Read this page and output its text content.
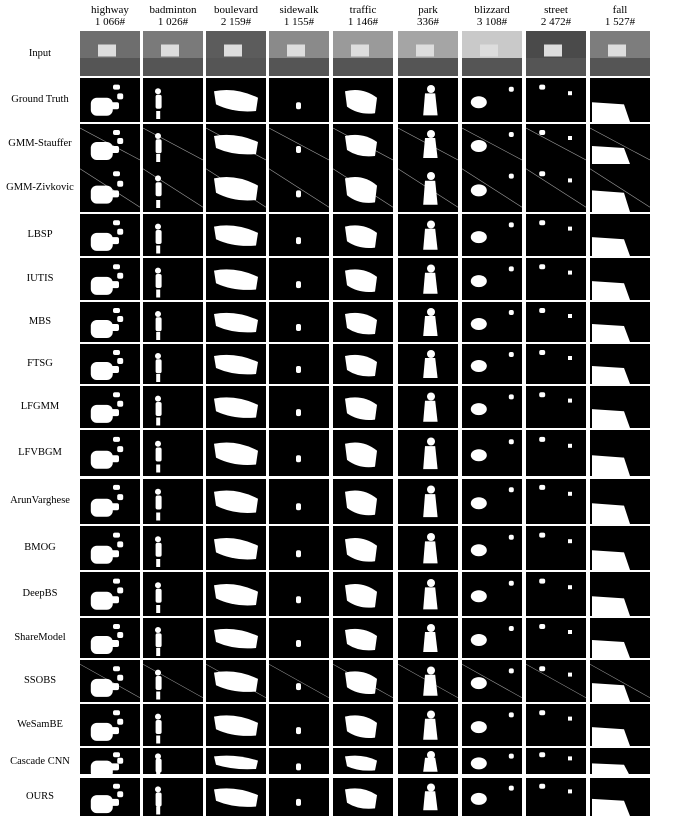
highway
1 066#
badminton
1 026#
boulevard
2 159#
sidewalk
1 155#
traffic
1 146#
park
336#
blizzard
3 108#
street
2 472#
fall
1 527#
Input
Ground Truth
GMM-Stauffer
GMM-Zivkovic
LBSP
IUTIS
MBS
FTSG
LFGMM
LFVBGM
ArunVarghese
BMOG
DeepBS
ShareModel
SSOBS
WeSamBE
Cascade CNN
OURS
